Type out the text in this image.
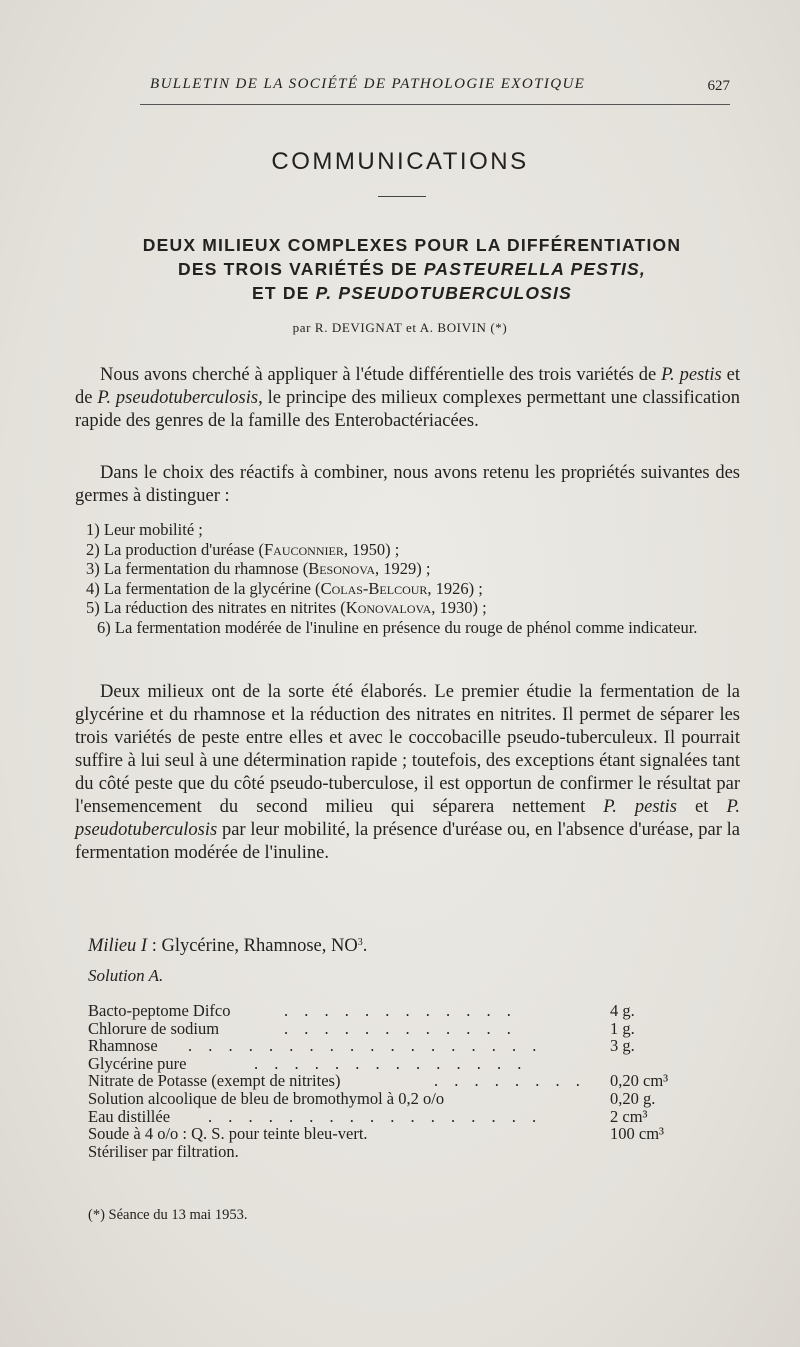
BULLETIN DE LA SOCIÉTÉ DE PATHOLOGIE EXOTIQUE	627
COMMUNICATIONS
DEUX MILIEUX COMPLEXES POUR LA DIFFÉRENTIATION
DES TROIS VARIÉTÉS DE PASTEURELLA PESTIS,
ET DE P. PSEUDOTUBERCULOSIS
par R. DEVIGNAT et A. BOIVIN (*)
Nous avons cherché à appliquer à l'étude différentielle des trois variétés de P. pestis et de P. pseudotuberculosis, le principe des milieux complexes permettant une classification rapide des genres de la famille des Enterobactériacées.
Dans le choix des réactifs à combiner, nous avons retenu les propriétés suivantes des germes à distinguer :
1) Leur mobilité ;
2) La production d'uréase (Fauconnier, 1950) ;
3) La fermentation du rhamnose (Besonova, 1929) ;
4) La fermentation de la glycérine (Colas-Belcour, 1926) ;
5) La réduction des nitrates en nitrites (Konovalova, 1930) ;
6) La fermentation modérée de l'inuline en présence du rouge de phénol comme indicateur.
Deux milieux ont de la sorte été élaborés. Le premier étudie la fermentation de la glycérine et du rhamnose et la réduction des nitrates en nitrites. Il permet de séparer les trois variétés de peste entre elles et avec le coccobacille pseudo-tuberculeux. Il pourrait suffire à lui seul à une détermination rapide ; toutefois, des exceptions étant signalées tant du côté peste que du côté pseudo-tuberculose, il est opportun de confirmer le résultat par l'ensemencement du second milieu qui séparera nettement P. pestis et P. pseudotuberculosis par leur mobilité, la présence d'uréase ou, en l'absence d'uréase, par la fermentation modérée de l'inuline.
Milieu I : Glycérine, Rhamnose, $NO^3$.
Solution A.
Bacto-peptome Difco	. . . . . . . . . . . .	4 g.
Chlorure de sodium	. . . . . . . . . . . .	1 g.
Rhamnose . . . . . . . . . . . . . . . . . .	3 g.
Glycérine pure	. . . . . . . . . . . . . .
Nitrate de Potasse (exempt de nitrites)	. . . . . . . . 0,20 cm³
Solution alcoolique de bleu de bromothymol à 0,2 o/o	0,20 g.
Eau distillée . . . . . . . . . . . . . . . . .	2 cm³
Soude à 4 o/o : Q. S. pour teinte bleu-vert.	100 cm³
Stériliser par filtration.
(*) Séance du 13 mai 1953.
